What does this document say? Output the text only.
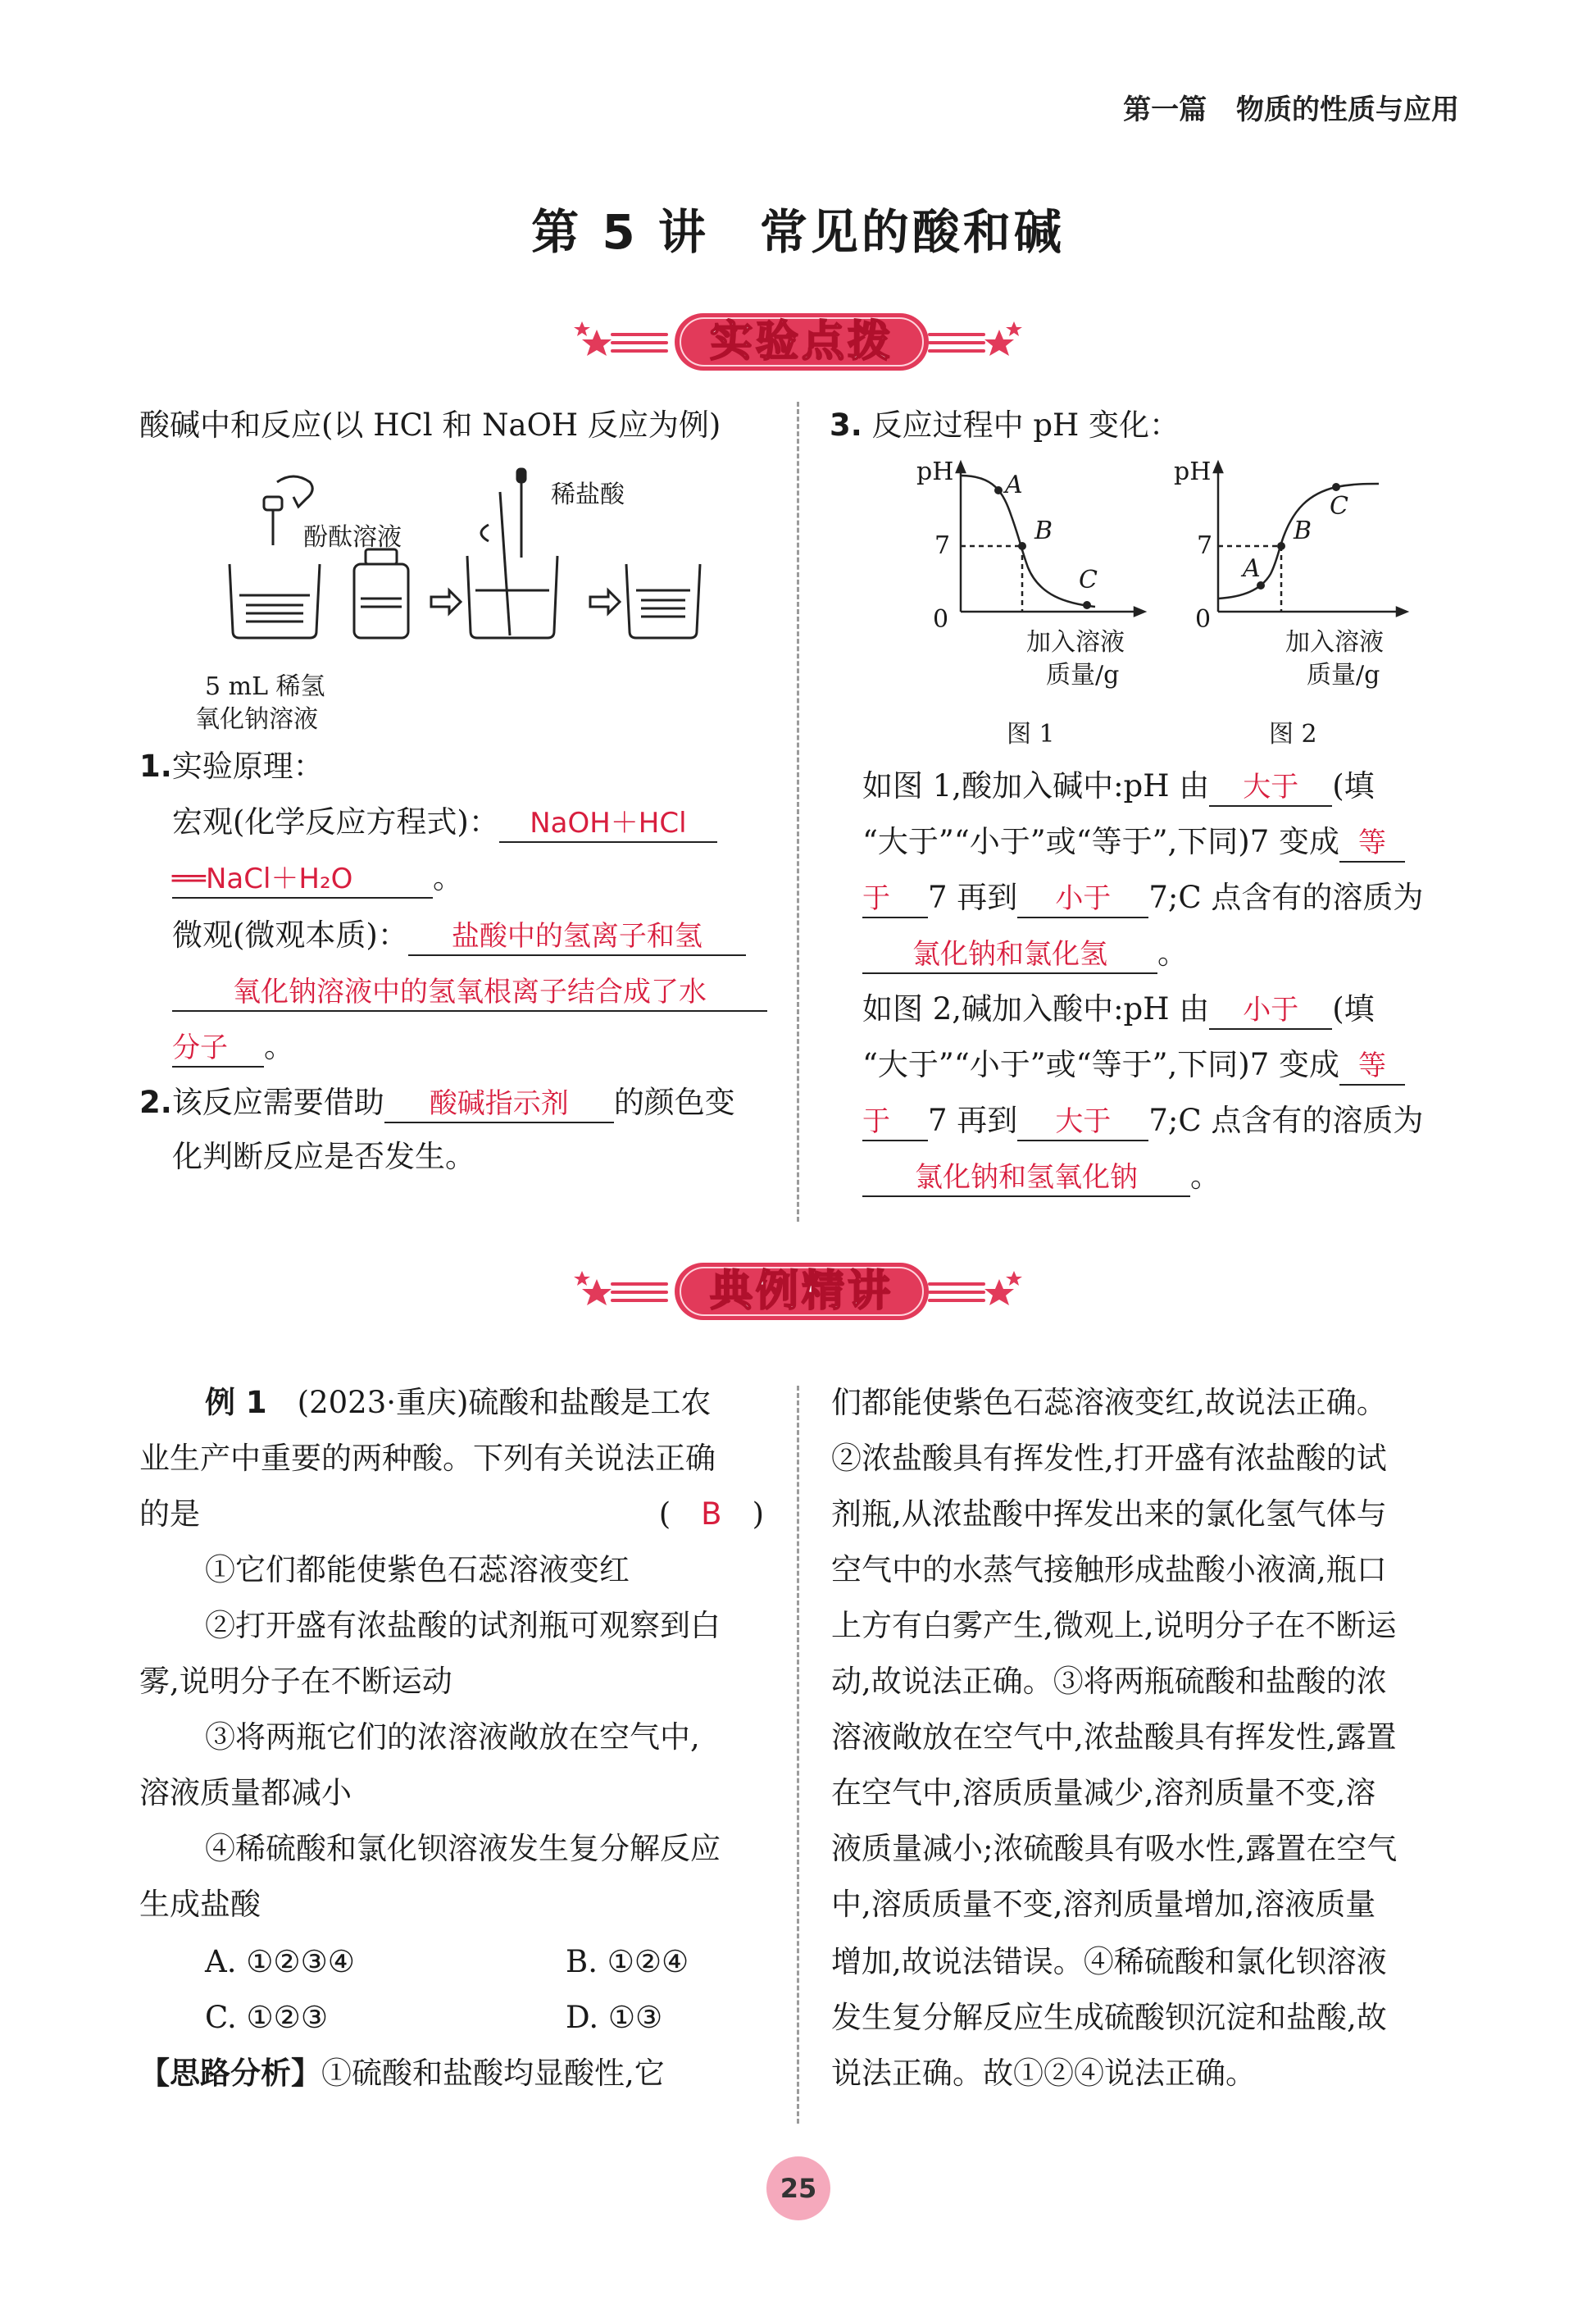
第一篇 物质的性质与应用
第 5 讲　常见的酸和碱
实验点拨
酸碱中和反应(以 HCl 和 NaOH 反应为例)
酚酞溶液
稀盐酸
5 mL 稀氢
氧化钠溶液
1.实验原理：
宏观(化学反应方程式)： NaOH＋HCl
══NaCl＋H₂O	。
微观(微观本质)： 盐酸中的氢离子和氢
氧化钠溶液中的氢氧根离子结合成了水
分子 。
2.该反应需要借助 酸碱指示剂 的颜色变
化判断反应是否发生。
3. 反应过程中 pH 变化：
pH
7
0
A
B
C
加入溶液
质量/g
图 1
pH
7
0
A
B
C
加入溶液
质量/g
图 2
如图 1,酸加入碱中:pH 由 大于 (填
“大于”“小于”或“等于”,下同)7 变成 等
于 7 再到 小于 7;C 点含有的溶质为
氯化钠和氯化氢 。
如图 2,碱加入酸中:pH 由 小于 (填
“大于”“小于”或“等于”,下同)7 变成 等
于 7 再到 大于 7;C 点含有的溶质为
氯化钠和氢氧化钠 。
典例精讲
例 1　 (2023·重庆)硫酸和盐酸是工农
业生产中重要的两种酸。下列有关说法正确
的是	(　 B　 )
①它们都能使紫色石蕊溶液变红
②打开盛有浓盐酸的试剂瓶可观察到白
雾,说明分子在不断运动
③将两瓶它们的浓溶液敞放在空气中,
溶液质量都减小
④稀硫酸和氯化钡溶液发生复分解反应
生成盐酸
A. ①②③④	B. ①②④
C. ①②③	D. ①③
【思路分析】①硫酸和盐酸均显酸性,它
们都能使紫色石蕊溶液变红,故说法正确。
②浓盐酸具有挥发性,打开盛有浓盐酸的试
剂瓶,从浓盐酸中挥发出来的氯化氢气体与
空气中的水蒸气接触形成盐酸小液滴,瓶口
上方有白雾产生,微观上,说明分子在不断运
动,故说法正确。③将两瓶硫酸和盐酸的浓
溶液敞放在空气中,浓盐酸具有挥发性,露置
在空气中,溶质质量减少,溶剂质量不变,溶
液质量减小;浓硫酸具有吸水性,露置在空气
中,溶质质量不变,溶剂质量增加,溶液质量
增加,故说法错误。④稀硫酸和氯化钡溶液
发生复分解反应生成硫酸钡沉淀和盐酸,故
说法正确。故①②④说法正确。
25
